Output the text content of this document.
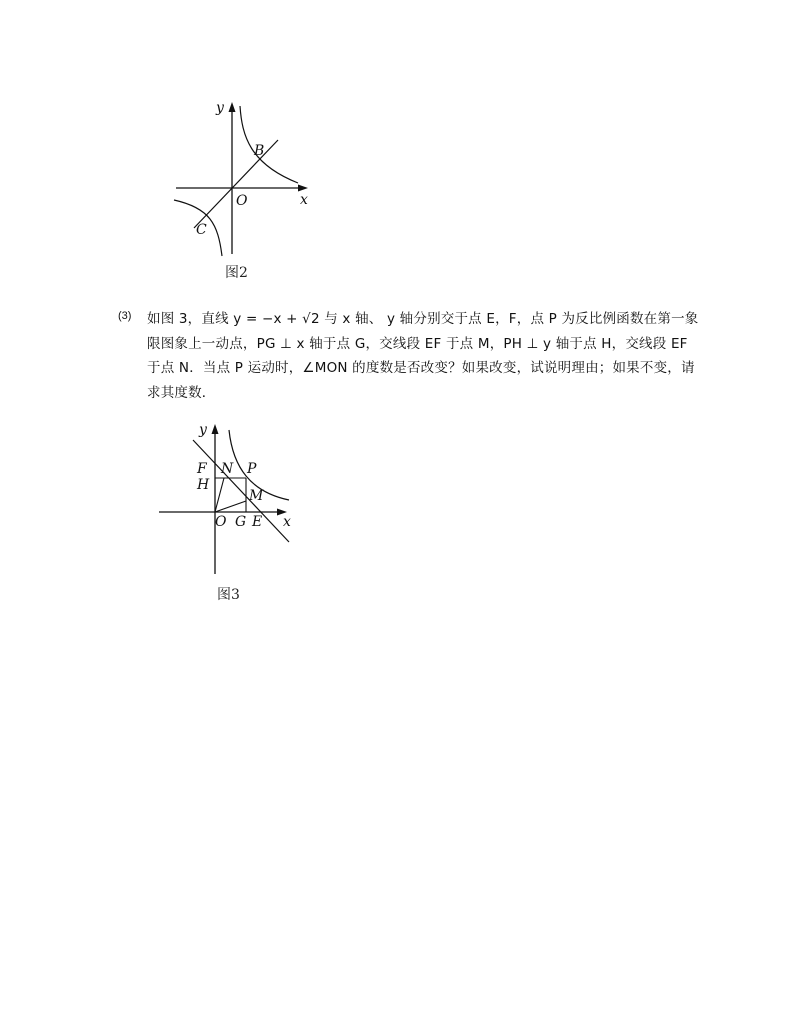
y
x
O
B
C
图2
(3) 如图 3，直线 y = −x + √2 与 x 轴、 y 轴分别交于点 E，F，点 P 为反比例函数在第一象
限图象上一动点，PG ⊥ x 轴于点 G，交线段 EF 于点 M，PH ⊥ y 轴于点 H，交线段 EF
于点 N．当点 P 运动时，∠MON 的度数是否改变？如果改变，试说明理由；如果不变，请
求其度数．
y
x
O
F N P
H
M
G E
图3
